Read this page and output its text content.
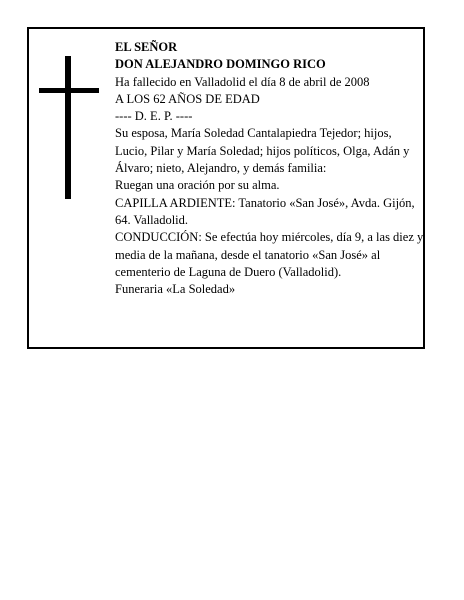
EL SEÑOR

DON ALEJANDRO DOMINGO RICO

Ha fallecido en Valladolid el día 8 de abril de 2008

A LOS 62 AÑOS DE EDAD

---- D. E. P. ----

Su esposa, María Soledad Cantalapiedra Tejedor; hijos, Lucio, Pilar y María Soledad; hijos políticos, Olga, Adán y Álvaro; nieto, Alejandro, y demás familia:

Ruegan una oración por su alma.

CAPILLA ARDIENTE: Tanatorio «San José», Avda. Gijón, 64. Valladolid.

CONDUCCIÓN: Se efectúa hoy miércoles, día 9, a las diez y media de la mañana, desde el tanatorio «San José» al cementerio de Laguna de Duero (Valladolid).

Funeraria «La Soledad»
